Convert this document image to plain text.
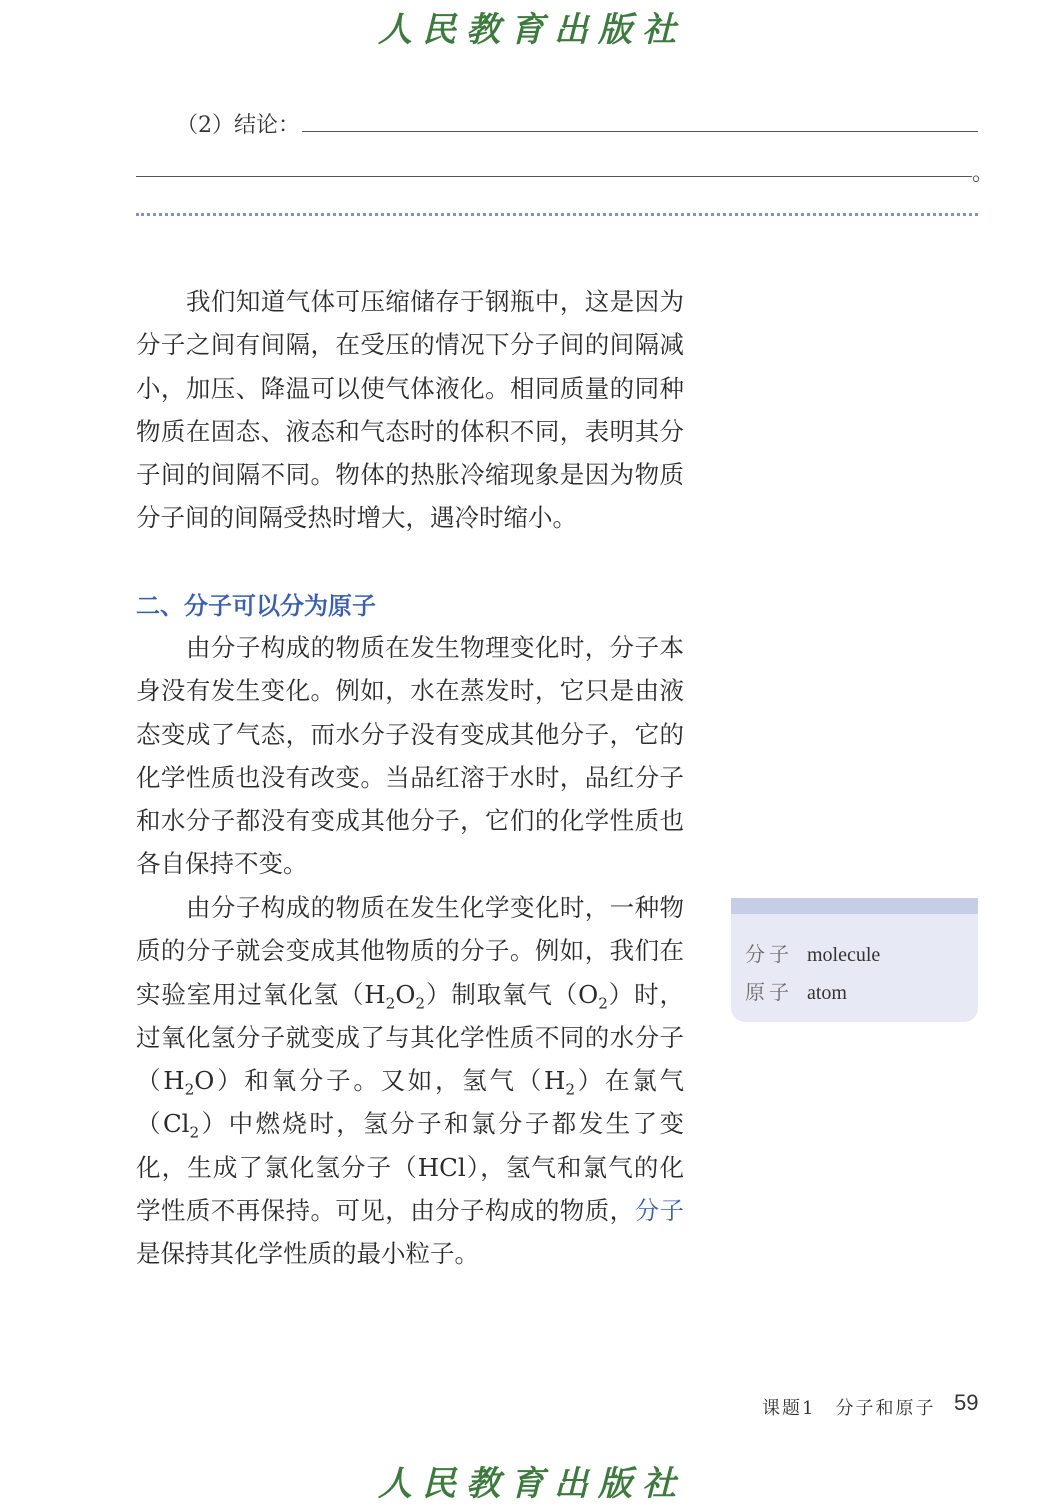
人民教育出版社
（2）结论：
。

我们知道气体可压缩储存于钢瓶中，这是因为分子之间有间隔，在受压的情况下分子间的间隔减小，加压、降温可以使气体液化。相同质量的同种物质在固态、液态和气态时的体积不同，表明其分子间的间隔不同。物体的热胀冷缩现象是因为物质分子间的间隔受热时增大，遇冷时缩小。

二、分子可以分为原子

由分子构成的物质在发生物理变化时，分子本身没有发生变化。例如，水在蒸发时，它只是由液态变成了气态，而水分子没有变成其他分子，它的化学性质也没有改变。当品红溶于水时，品红分子和水分子都没有变成其他分子，它们的化学性质也各自保持不变。

由分子构成的物质在发生化学变化时，一种物质的分子就会变成其他物质的分子。例如，我们在实验室用过氧化氢$(H_2O_2)$制取氧气$(O_2)$时，过氧化氢分子就变成了与其化学性质不同的水分子$(H_2O)$和氧分子。又如，氢气$(H_2)$在氯气$(Cl_2)$中燃烧时，氢分子和氯分子都发生了变化，生成了氯化氢分子（HCl），氢气和氯气的化学性质不再保持。可见，由分子构成的物质，分子是保持其化学性质的最小粒子。

分子 molecule
原子 atom
课题1　分子和原子 59
人民教育出版社
